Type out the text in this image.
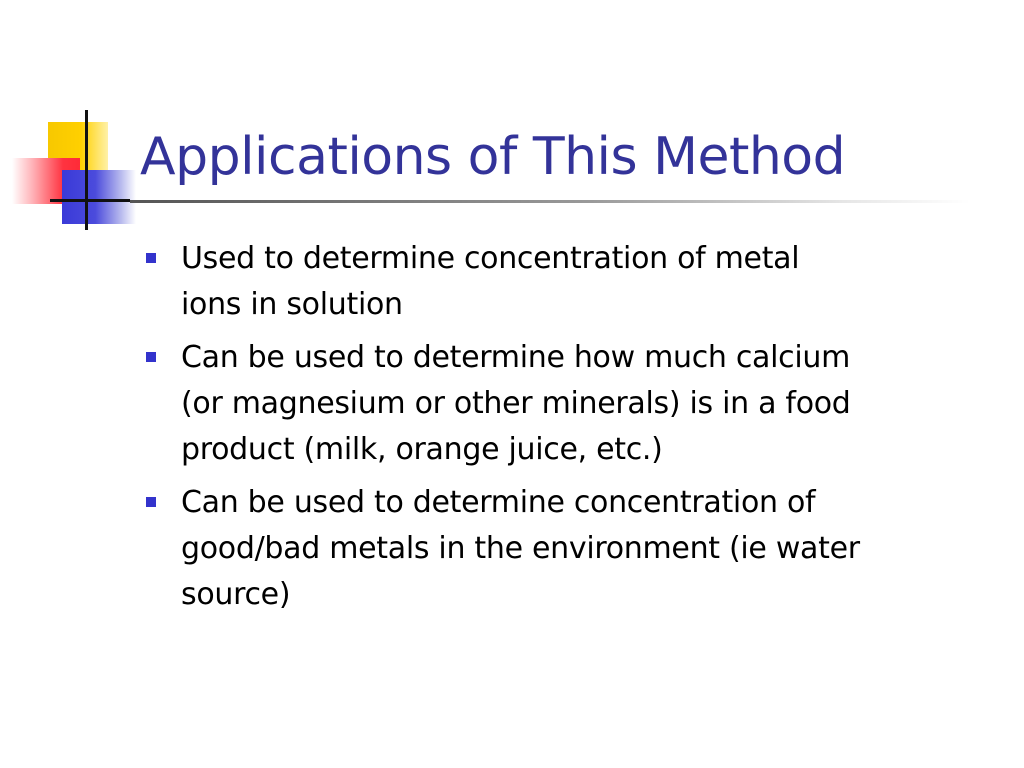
Applications of This Method
Used to determine concentration of metal
ions in solution
Can be used to determine how much calcium
(or magnesium or other minerals) is in a food
product (milk, orange juice, etc.)
Can be used to determine concentration of
good/bad metals in the environment (ie water
source)
